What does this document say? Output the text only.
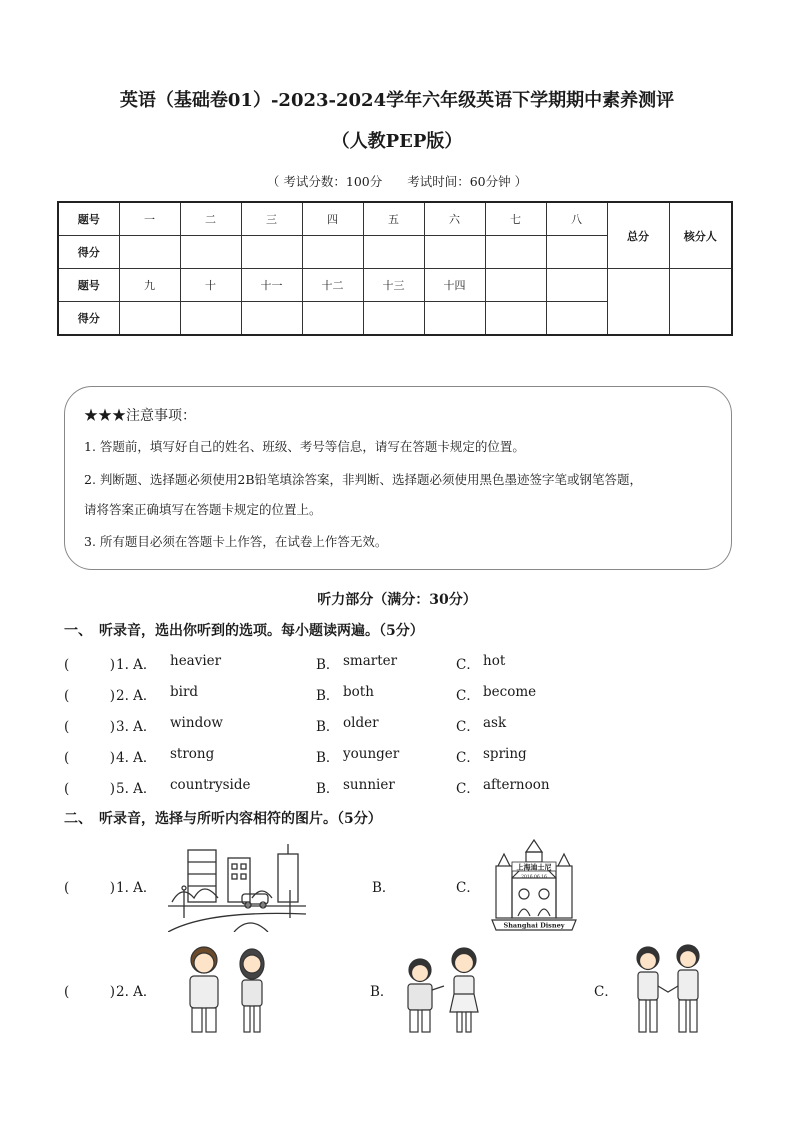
英语（基础卷01）-2023-2024学年六年级英语下学期期中素养测评
（人教PEP版）
（ 考试分数：100分　　考试时间：60分钟 ）
题号	一	二	三	四	五	六	七	八	总分	核分人
得分										
题号	九	十	十一	十二	十三	十四				
得分										
★★★注意事项：
1. 答题前，填写好自己的姓名、班级、考号等信息，请写在答题卡规定的位置。
2. 判断题、选择题必须使用2B铅笔填涂答案，非判断、选择题必须使用黑色墨迹签字笔或钢笔答题，
请将答案正确填写在答题卡规定的位置上。
3. 所有题目必须在答题卡上作答，在试卷上作答无效。
听力部分（满分：30分）
一、　听录音，选出你听到的选项。每小题读两遍。（5分）
(　　　) 1. A． heavier	B． smarter	C． hot
(　　　) 2. A． bird	B． both	C． become
(　　　) 3. A． window	B． older	C． ask
(　　　) 4. A． strong	B． younger	C． spring
(　　　) 5. A． countryside	B． sunnier	C． afternoon
二、　听录音，选择与所听内容相符的图片。（5分）
(　　　) 1. A．	B．	C．
上海迪士尼
2016.06.16
Shanghai Disney
(　　　) 2. A．	B．	C．
